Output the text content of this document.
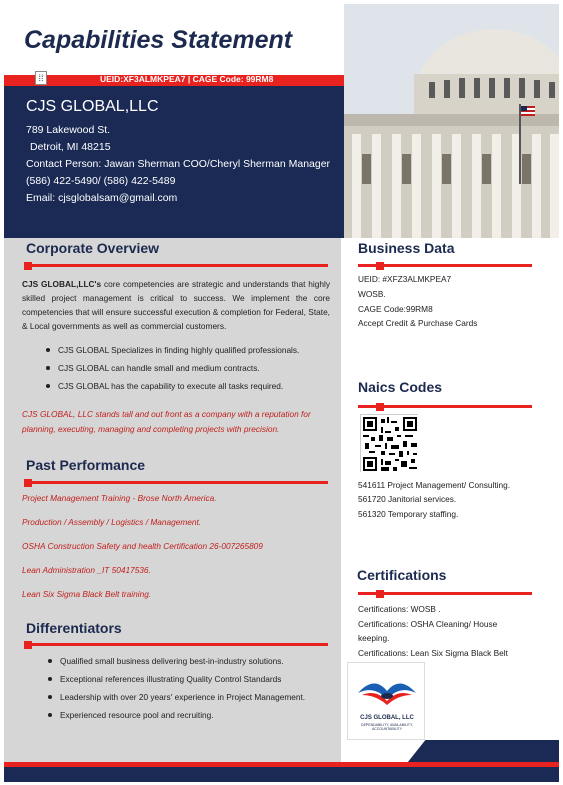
Capabilities Statement
UEID:XF3ALMKPEA7 | CAGE Code: 99RM8
⁞⁞
CJS GLOBAL,LLC
789 Lakewood St.
Detroit, MI 48215
Contact Person: Jawan Sherman COO/Cheryl Sherman Manager
(586) 422-5490/ (586) 422-5489
Email: cjsglobalsam@gmail.com
Corporate Overview
CJS GLOBAL,LLC's core competencies are strategic and understands that highly skilled project management is critical to success. We implement the core competencies that will ensure successful execution & completion for Federal, State, & Local governments as well as commercial customers.
CJS GLOBAL Specializes in finding highly qualified professionals.
CJS GLOBAL can handle small and medium contracts.
CJS GLOBAL has the capability to execute all tasks required.
CJS GLOBAL, LLC stands tall and out front as a company with a reputation for planning, executing, managing and completing projects with precision.
Past Performance
Project Management Training - Brose North America.
Production / Assembly / Logistics / Management.
OSHA Construction Safety and health Certification 26-007265809
Lean Administration _IT 50417536.
Lean Six Sigma Black Belt training.
Differentiators
Qualified small business delivering best-in-industry solutions.
Exceptional references illustrating Quality Control Standards
Leadership with over 20 years' experience in Project Management.
Experienced resource pool and recruiting.
Business Data
UEID: #XFZ3ALMKPEA7
WOSB.
CAGE Code:99RM8
Accept Credit & Purchase Cards
Naics Codes
541611 Project Management/ Consulting.
561720 Janitorial services.
561320 Temporary staffing.
Certifications
Certifications: WOSB .
Certifications: OSHA Cleaning/ House
keeping.
Certifications: Lean Six Sigma Black Belt
CJS GLOBAL, LLC
DEPENDABILITY, AVAILABILITY, ACCOUNTABILITY
